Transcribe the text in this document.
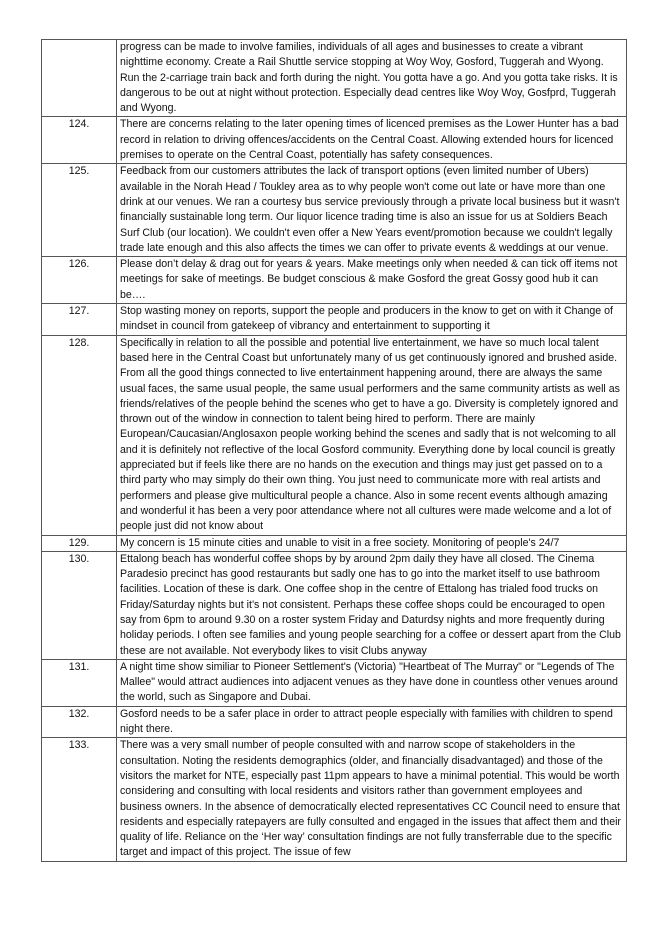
	progress can be made to involve families, individuals of all ages and businesses to create a vibrant nighttime economy. Create a Rail Shuttle service stopping at Woy Woy, Gosford, Tuggerah and Wyong. Run the 2-carriage train back and forth during the night. You gotta have a go. And you gotta take risks. It is dangerous to be out at night without protection. Especially dead centres like Woy Woy, Gosfprd, Tuggerah and Wyong.
124.	There are concerns relating to the later opening times of licenced premises as the Lower Hunter has a bad record in relation to driving offences/accidents on the Central Coast. Allowing extended hours for licenced premises to operate on the Central Coast, potentially has safety consequences.
125.	Feedback from our customers attributes the lack of transport options (even limited number of Ubers) available in the Norah Head / Toukley area as to why people won't come out late or have more than one drink at our venues. We ran a courtesy bus service previously through a private local business but it wasn't financially sustainable long term. Our liquor licence trading time is also an issue for us at Soldiers Beach Surf Club (our location). We couldn't even offer a New Years event/promotion because we couldn't legally trade late enough and this also affects the times we can offer to private events & weddings at our venue.
126.	Please don’t delay & drag out for years & years. Make meetings only when needed & can tick off items not meetings for sake of meetings. Be budget conscious & make Gosford the great Gossy good hub it can be….
127.	Stop wasting money on reports, support the people and producers in the know to get on with it Change of mindset in council from gatekeep of vibrancy and entertainment to supporting it
128.	Specifically in relation to all the possible and potential live entertainment, we have so much local talent based here in the Central Coast but unfortunately many of us get continuously ignored and brushed aside. From all the good things connected to live entertainment happening around, there are always the same usual faces, the same usual people, the same usual performers and the same community artists as well as friends/relatives of the people behind the scenes who get to have a go. Diversity is completely ignored and thrown out of the window in connection to talent being hired to perform. There are mainly European/Caucasian/Anglosaxon people working behind the scenes and sadly that is not welcoming to all and it is definitely not reflective of the local Gosford community. Everything done by local council is greatly appreciated but if feels like there are no hands on the execution and things may just get passed on to a third party who may simply do their own thing. You just need to communicate more with real artists and performers and please give multicultural people a chance. Also in some recent events although amazing and wonderful it has been a very poor attendance where not all cultures were made welcome and a lot of people just did not know about
129.	My concern is 15 minute cities and unable to visit in a free society. Monitoring of people's 24/7
130.	Ettalong beach has wonderful coffee shops by by around 2pm daily they have all closed. The Cinema Paradesio precinct has good restaurants but sadly one has to go into the market itself to use bathroom facilities. Location of these is dark. One coffee shop in the centre of Ettalong has trialed food trucks on Friday/Saturday nights but it’s not consistent. Perhaps these coffee shops could be encouraged to open say from 6pm to around 9.30 on a roster system Friday and Daturdsy nights and more frequently during holiday periods. I often see families and young people searching for a coffee or dessert apart from the Club these are not available. Not everybody likes to visit Clubs anyway
131.	A night time show similiar to Pioneer Settlement's (Victoria) "Heartbeat of The Murray" or "Legends of The Mallee" would attract audiences into adjacent venues as they have done in countless other venues around the world, such as Singapore and Dubai.
132.	Gosford needs to be a safer place in order to attract people especially with families with children to spend night there.
133.	There was a very small number of people consulted with and narrow scope of stakeholders in the consultation. Noting the residents demographics (older, and financially disadvantaged) and those of the visitors the market for NTE, especially past 11pm appears to have a minimal potential. This would be worth considering and consulting with local residents and visitors rather than government employees and business owners. In the absence of democratically elected representatives CC Council need to ensure that residents and especially ratepayers are fully consulted and engaged in the issues that affect them and their quality of life. Reliance on the ‘Her way’ consultation findings are not fully transferrable due to the specific target and impact of this project. The issue of few
